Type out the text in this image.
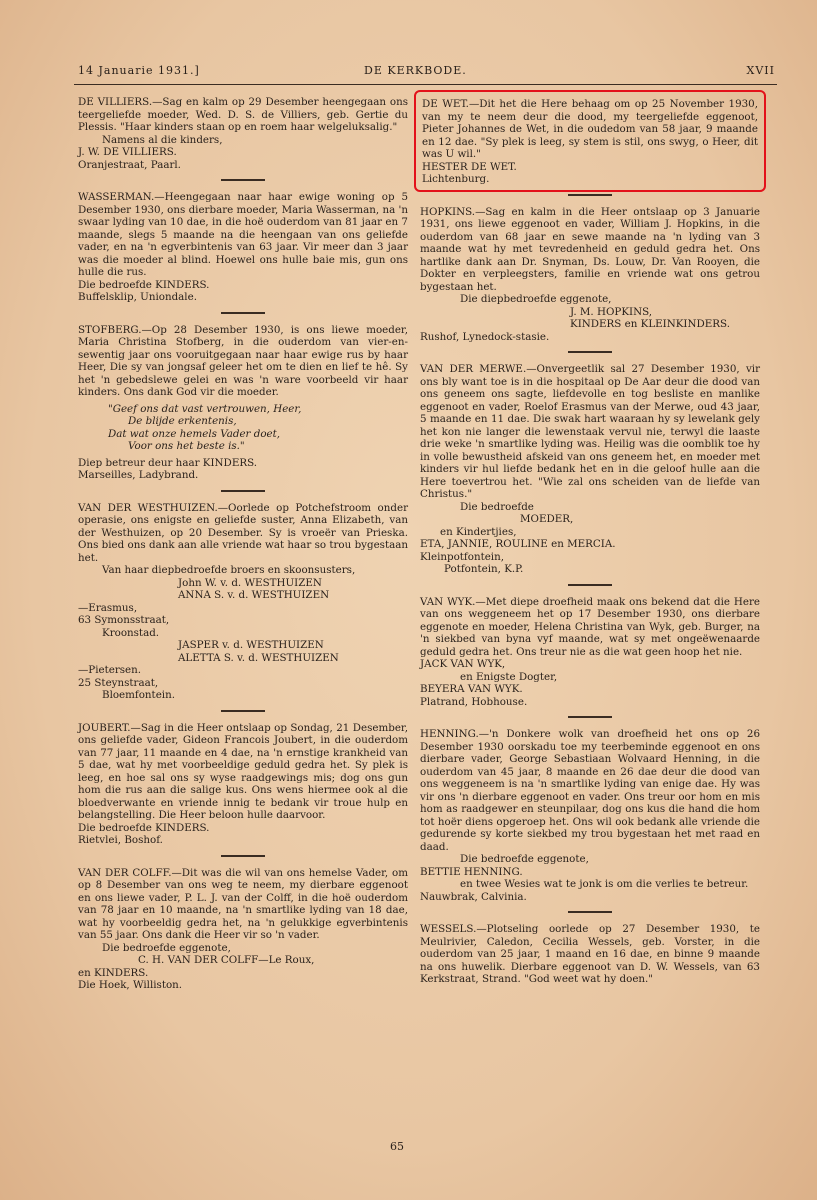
14 Januarie 1931.]	DE KERKBODE.	XVII

DE VILLIERS.—Sag en kalm op 29 Desember heengegaan ons teergeliefde moeder, Wed. D. S. de Villiers, geb. Gertie du Plessis. "Haar kinders staan op en roem haar welgeluksalig."

Namens al die kinders,

J. W. DE VILLIERS.

Oranjestraat, Paarl.

WASSERMAN.—Heengegaan naar haar ewige woning op 5 Desember 1930, ons dierbare moeder, Maria Wasserman, na 'n swaar lyding van 10 dae, in die hoë ouderdom van 81 jaar en 7 maande, slegs 5 maande na die heengaan van ons geliefde vader, en na 'n egverbintenis van 63 jaar. Vir meer dan 3 jaar was die moeder al blind. Hoewel ons hulle baie mis, gun ons hulle die rus.

Die bedroefde KINDERS.

Buffelsklip, Uniondale.

STOFBERG.—Op 28 Desember 1930, is ons liewe moeder, Maria Christina Stofberg, in die ouderdom van vier-en-sewentig jaar ons vooruitgegaan naar haar ewige rus by haar Heer, Die sy van jongsaf geleer het om te dien en lief te hê. Sy het 'n gebedslewe gelei en was 'n ware voorbeeld vir haar kinders. Ons dank God vir die moeder.

"Geef ons dat vast vertrouwen, Heer,

De blijde erkentenis,

Dat wat onze hemels Vader doet,

Voor ons het beste is."

Diep betreur deur haar KINDERS.

Marseilles, Ladybrand.

VAN DER WESTHUIZEN.—Oorlede op Potchefstroom onder operasie, ons enigste en geliefde suster, Anna Elizabeth, van der Westhuizen, op 20 Desember. Sy is vroeër van Prieska. Ons bied ons dank aan alle vriende wat haar so trou bygestaan het.

Van haar diepbedroefde broers en skoonsusters,

John W. v. d. WESTHUIZEN

ANNA S. v. d. WESTHUIZEN

—Erasmus,

63 Symonsstraat,

Kroonstad.

JASPER v. d. WESTHUIZEN

ALETTA S. v. d. WESTHUIZEN

—Pietersen.

25 Steynstraat,

Bloemfontein.

JOUBERT.—Sag in die Heer ontslaap op Sondag, 21 Desember, ons geliefde vader, Gideon Francois Joubert, in die ouderdom van 77 jaar, 11 maande en 4 dae, na 'n ernstige krankheid van 5 dae, wat hy met voorbeeldige geduld gedra het. Sy plek is leeg, en hoe sal ons sy wyse raadgewings mis; dog ons gun hom die rus aan die salige kus. Ons wens hiermee ook al die bloedverwante en vriende innig te bedank vir troue hulp en belangstelling. Die Heer beloon hulle daarvoor.

Die bedroefde KINDERS.

Rietvlei, Boshof.

VAN DER COLFF.—Dit was die wil van ons hemelse Vader, om op 8 Desember van ons weg te neem, my dierbare eggenoot en ons liewe vader, P. L. J. van der Colff, in die hoë ouderdom van 78 jaar en 10 maande, na 'n smartlike lyding van 18 dae, wat hy voorbeeldig gedra het, na 'n gelukkige egverbintenis van 55 jaar. Ons dank die Heer vir so 'n vader.

Die bedroefde eggenote,

C. H. VAN DER COLFF—Le Roux,

en KINDERS.

Die Hoek, Williston.

DE WET.—Dit het die Here behaag om op 25 November 1930, van my te neem deur die dood, my teergeliefde eggenoot, Pieter Johannes de Wet, in die oudedom van 58 jaar, 9 maande en 12 dae. "Sy plek is leeg, sy stem is stil, ons swyg, o Heer, dit was U wil."

HESTER DE WET.

Lichtenburg.

HOPKINS.—Sag en kalm in die Heer ontslaap op 3 Januarie 1931, ons liewe eggenoot en vader, William J. Hopkins, in die ouderdom van 68 jaar en sewe maande na 'n lyding van 3 maande wat hy met tevredenheid en geduld gedra het. Ons hartlike dank aan Dr. Snyman, Ds. Louw, Dr. Van Rooyen, die Dokter en verpleegsters, familie en vriende wat ons getrou bygestaan het.

Die diepbedroefde eggenote,

J. M. HOPKINS,

KINDERS en KLEINKINDERS.

Rushof, Lynedock-stasie.

VAN DER MERWE.—Onvergeetlik sal 27 Desember 1930, vir ons bly want toe is in die hospitaal op De Aar deur die dood van ons geneem ons sagte, liefdevolle en tog besliste en manlike eggenoot en vader, Roelof Erasmus van der Merwe, oud 43 jaar, 5 maande en 11 dae. Die swak hart waaraan hy sy lewelank gely het kon nie langer die lewenstaak vervul nie, terwyl die laaste drie weke 'n smartlike lyding was. Heilig was die oomblik toe hy in volle bewustheid afskeid van ons geneem het, en moeder met kinders vir hul liefde bedank het en in die geloof hulle aan die Here toevertrou het. "Wie zal ons scheiden van de liefde van Christus."

Die bedroefde

MOEDER,

en Kindertjies,

ETA, JANNIE, ROULINE en MERCIA.

Kleinpotfontein,

Potfontein, K.P.

VAN WYK.—Met diepe droefheid maak ons bekend dat die Here van ons weggeneem het op 17 Desember 1930, ons dierbare eggenote en moeder, Helena Christina van Wyk, geb. Burger, na 'n siekbed van byna vyf maande, wat sy met ongeëwenaarde geduld gedra het. Ons treur nie as die wat geen hoop het nie.

JACK VAN WYK,

en Enigste Dogter,

BEYERA VAN WYK.

Platrand, Hobhouse.

HENNING.—'n Donkere wolk van droefheid het ons op 26 Desember 1930 oorskadu toe my teerbeminde eggenoot en ons dierbare vader, George Sebastiaan Wolvaard Henning, in die ouderdom van 45 jaar, 8 maande en 26 dae deur die dood van ons weggeneem is na 'n smartlike lyding van enige dae. Hy was vir ons 'n dierbare eggenoot en vader. Ons treur oor hom en mis hom as raadgewer en steunpilaar, dog ons kus die hand die hom tot hoër diens opgeroep het. Ons wil ook bedank alle vriende die gedurende sy korte siekbed my trou bygestaan het met raad en daad.

Die bedroefde eggenote,

BETTIE HENNING.

en twee Wesies wat te jonk is om die verlies te betreur.

Nauwbrak, Calvinia.

WESSELS.—Plotseling oorlede op 27 Desember 1930, te Meulrivier, Caledon, Cecilia Wessels, geb. Vorster, in die ouderdom van 25 jaar, 1 maand en 16 dae, en binne 9 maande na ons huwelik. Dierbare eggenoot van D. W. Wessels, van 63 Kerkstraat, Strand. "God weet wat hy doen."

65
